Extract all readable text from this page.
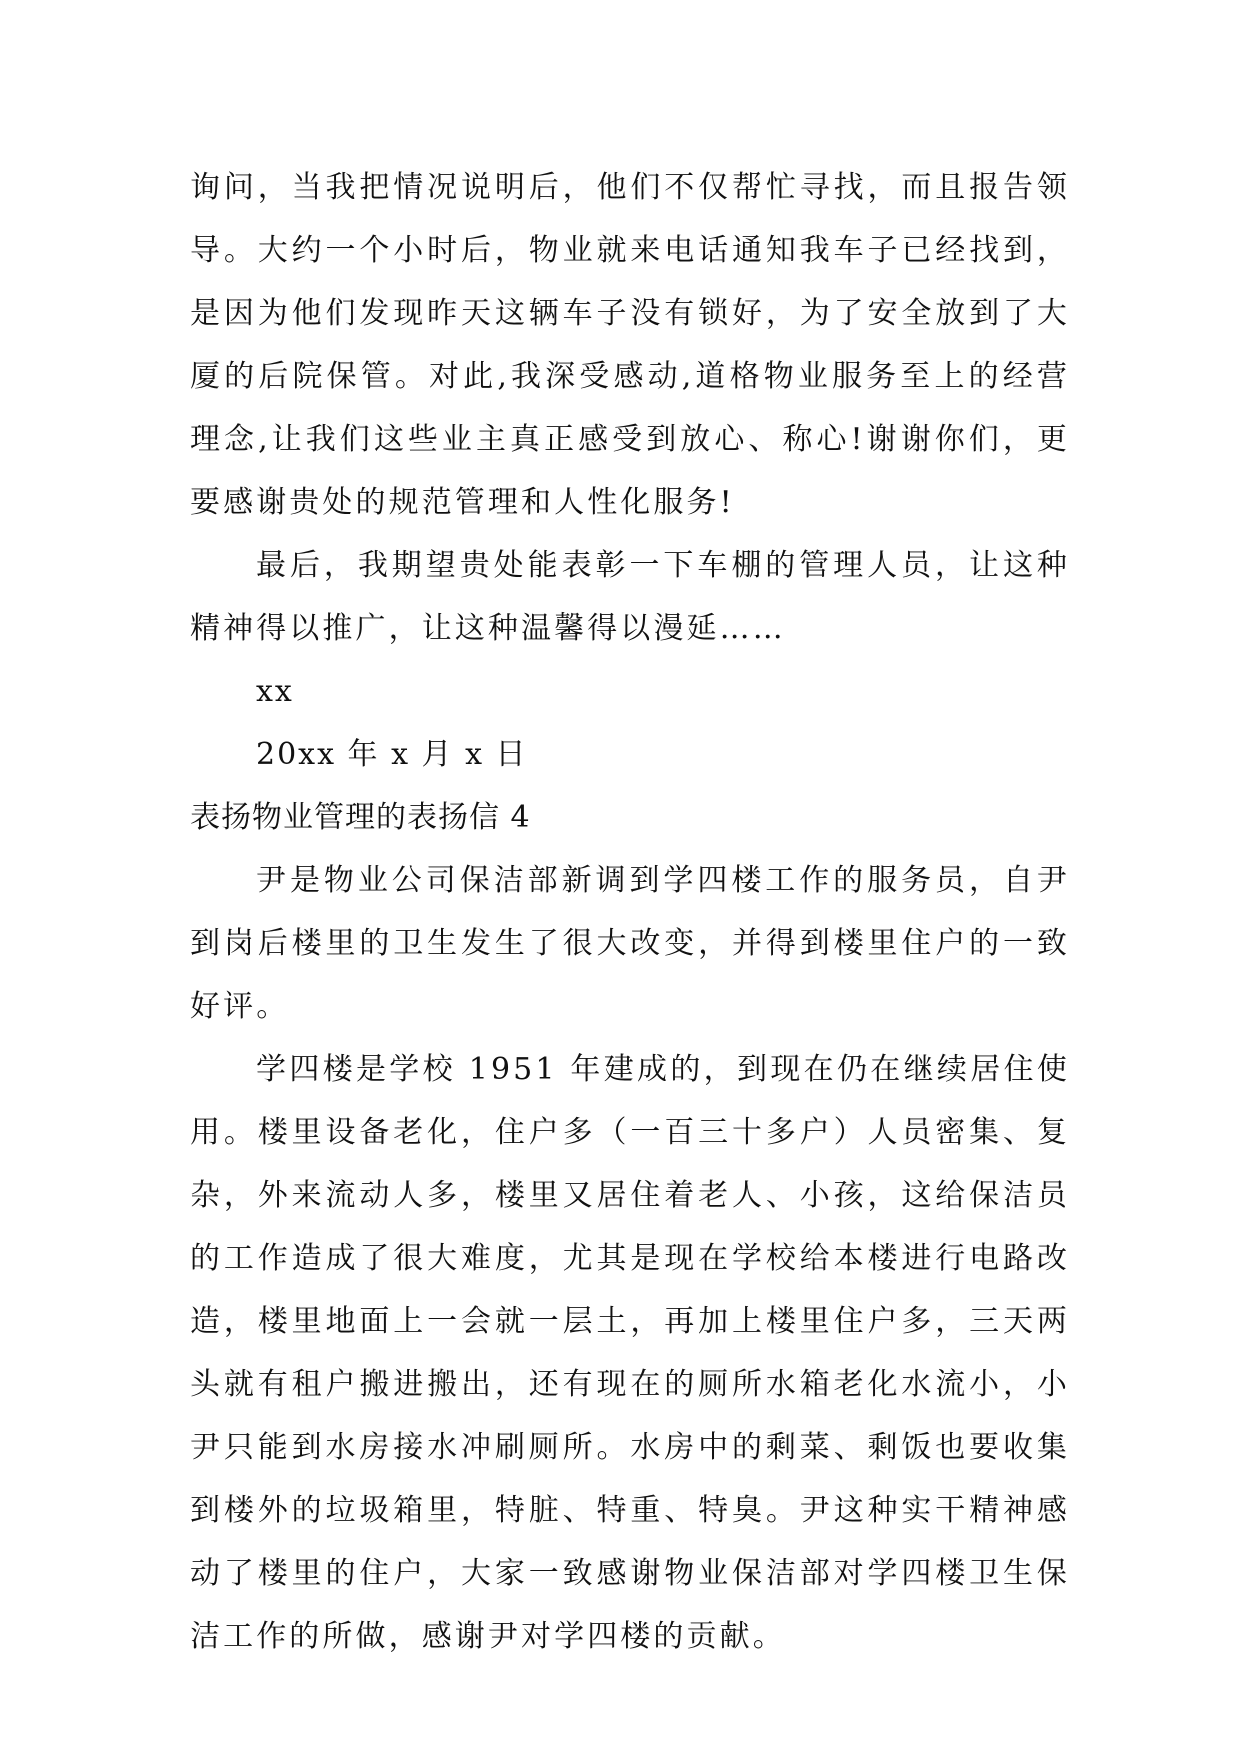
询问，当我把情况说明后，他们不仅帮忙寻找，而且报告领导。大约一个小时后，物业就来电话通知我车子已经找到，是因为他们发现昨天这辆车子没有锁好，为了安全放到了大厦的后院保管。对此,我深受感动,道格物业服务至上的经营理念,让我们这些业主真正感受到放心、称心!谢谢你们，更要感谢贵处的规范管理和人性化服务!

最后，我期望贵处能表彰一下车棚的管理人员，让这种精神得以推广，让这种温馨得以漫延……

xx

20xx 年 x 月 x 日

表扬物业管理的表扬信 4

尹是物业公司保洁部新调到学四楼工作的服务员，自尹到岗后楼里的卫生发生了很大改变，并得到楼里住户的一致好评。

学四楼是学校 1951 年建成的，到现在仍在继续居住使用。楼里设备老化，住户多（一百三十多户）人员密集、复杂，外来流动人多，楼里又居住着老人、小孩，这给保洁员的工作造成了很大难度，尤其是现在学校给本楼进行电路改造，楼里地面上一会就一层土，再加上楼里住户多，三天两头就有租户搬进搬出，还有现在的厕所水箱老化水流小，小尹只能到水房接水冲刷厕所。水房中的剩菜、剩饭也要收集到楼外的垃圾箱里，特脏、特重、特臭。尹这种实干精神感动了楼里的住户，大家一致感谢物业保洁部对学四楼卫生保洁工作的所做，感谢尹对学四楼的贡献。
